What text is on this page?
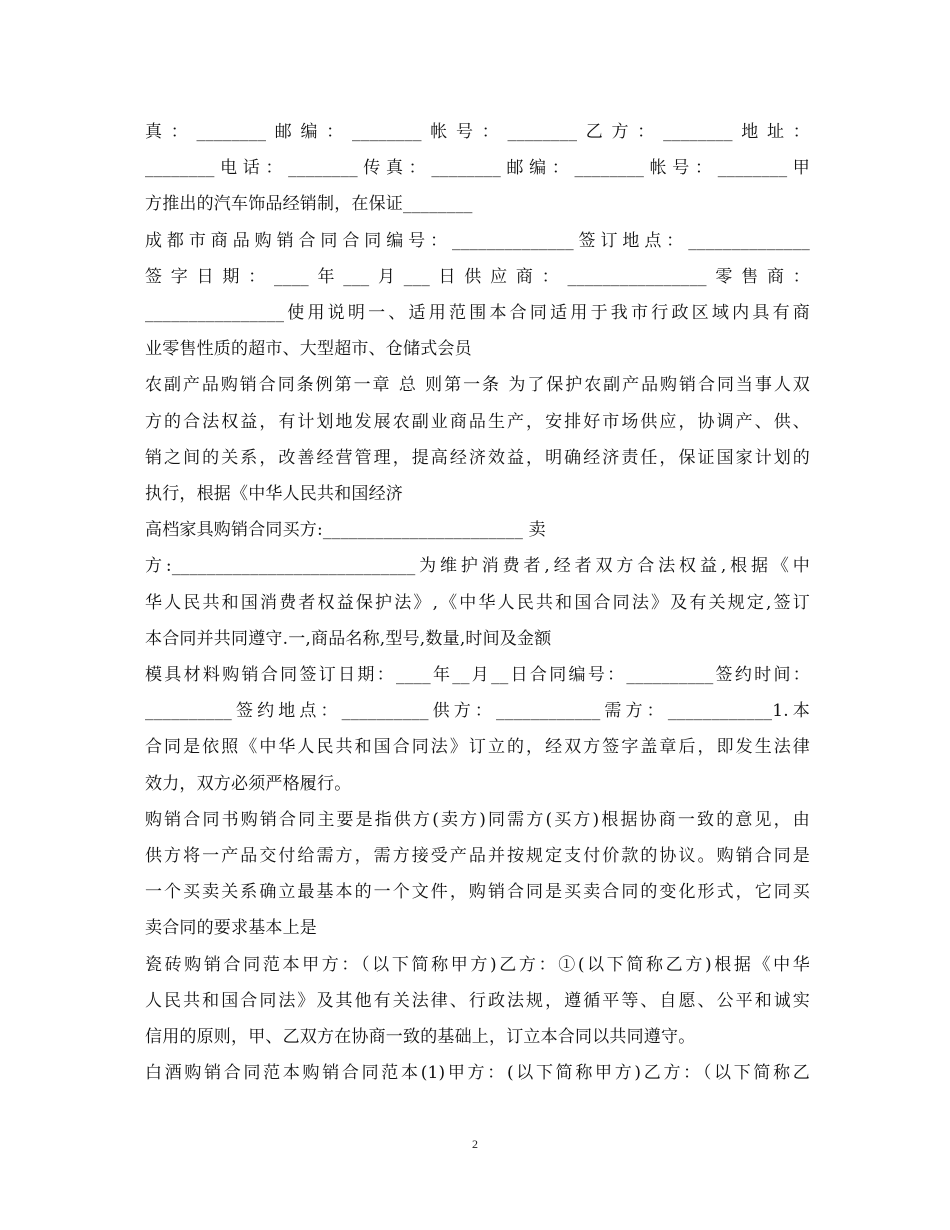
真：________邮编：________帐号：________乙方：________地址：
________电话：________传真：________邮编：________帐号：________甲
方推出的汽车饰品经销制，在保证________
成都市商品购销合同合同编号：______________签订地点：______________
签字日期：____年___月___日供应商：________________零售商：
________________使用说明一、适用范围本合同适用于我市行政区域内具有商
业零售性质的超市、大型超市、仓储式会员
农副产品购销合同条例第一章 总 则第一条 为了保护农副产品购销合同当事人双
方的合法权益，有计划地发展农副业商品生产，安排好市场供应，协调产、供、
销之间的关系，改善经营管理，提高经济效益，明确经济责任，保证国家计划的
执行，根据《中华人民共和国经济
高档家具购销合同买方:_______________________ 卖
方:____________________________为维护消费者,经者双方合法权益,根据《中
华人民共和国消费者权益保护法》,《中华人民共和国合同法》及有关规定,签订
本合同并共同遵守.一,商品名称,型号,数量,时间及金额
模具材料购销合同签订日期：____年__月__日合同编号：__________签约时间：
__________签约地点：__________供方：____________需方：____________1.本
合同是依照《中华人民共和国合同法》订立的，经双方签字盖章后，即发生法律
效力，双方必须严格履行。
购销合同书购销合同主要是指供方(卖方)同需方(买方)根据协商一致的意见，由
供方将一产品交付给需方，需方接受产品并按规定支付价款的协议。购销合同是
一个买卖关系确立最基本的一个文件，购销合同是买卖合同的变化形式，它同买
卖合同的要求基本上是
瓷砖购销合同范本甲方：（以下简称甲方)乙方：①(以下简称乙方)根据《中华
人民共和国合同法》及其他有关法律、行政法规，遵循平等、自愿、公平和诚实
信用的原则，甲、乙双方在协商一致的基础上，订立本合同以共同遵守。
白酒购销合同范本购销合同范本(1)甲方：(以下简称甲方)乙方：（以下简称乙
2
